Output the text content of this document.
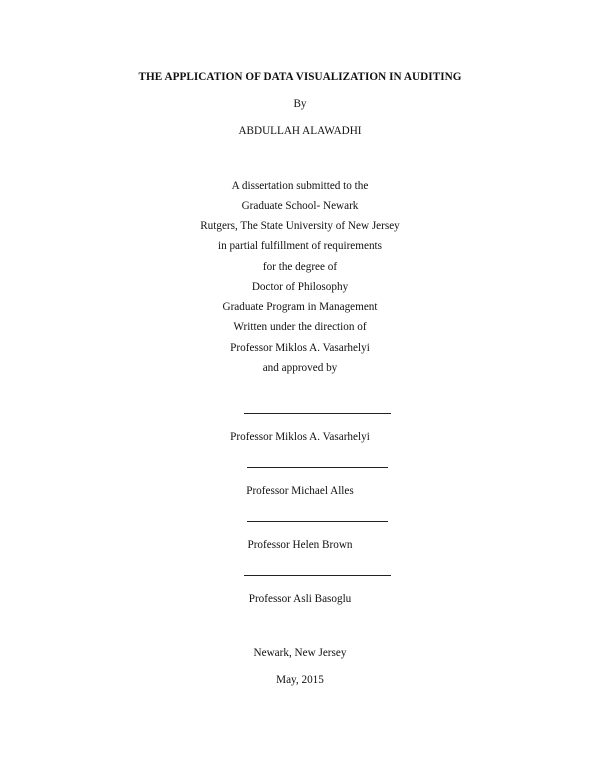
THE APPLICATION OF DATA VISUALIZATION IN AUDITING
By
ABDULLAH ALAWADHI
A dissertation submitted to the
Graduate School- Newark
Rutgers, The State University of New Jersey
in partial fulfillment of requirements
for the degree of
Doctor of Philosophy
Graduate Program in Management
Written under the direction of
Professor Miklos A. Vasarhelyi
and approved by
Professor Miklos A. Vasarhelyi
Professor Michael Alles
Professor Helen Brown
Professor Asli Basoglu
Newark, New Jersey
May, 2015
